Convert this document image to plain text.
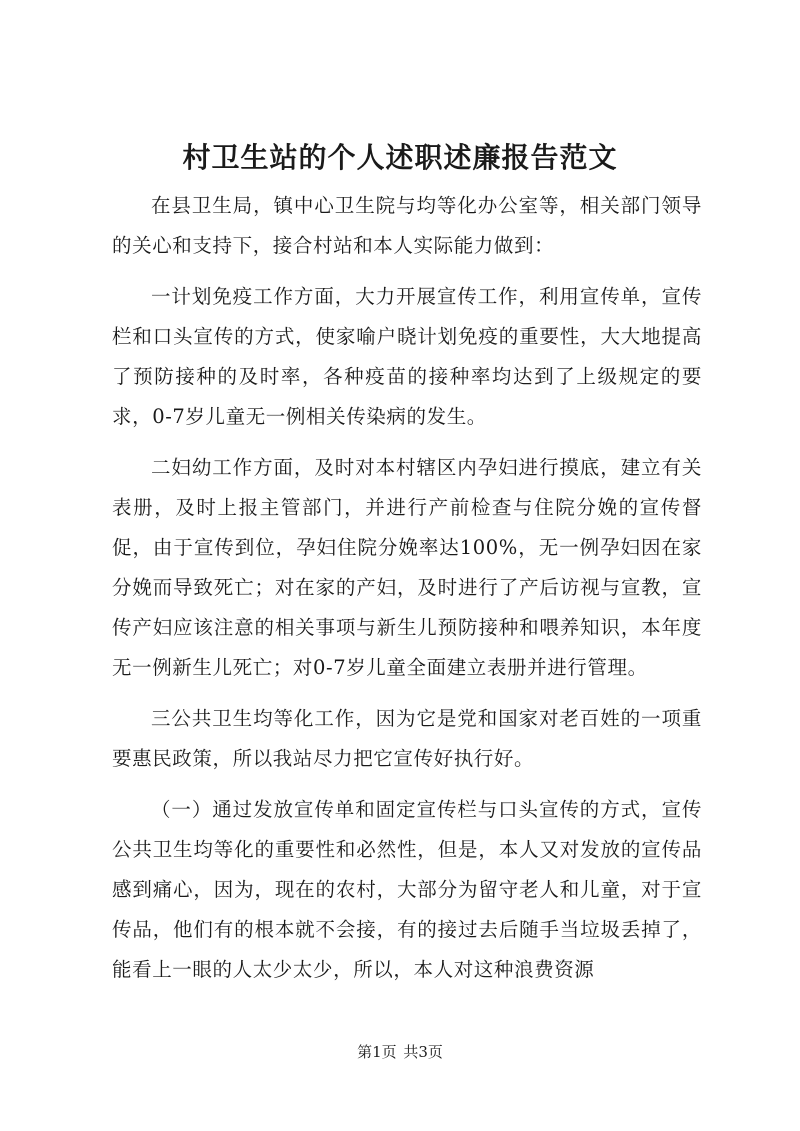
村卫生站的个人述职述廉报告范文

在县卫生局，镇中心卫生院与均等化办公室等，相关部门领导的关心和支持下，接合村站和本人实际能力做到：

一计划免疫工作方面，大力开展宣传工作，利用宣传单，宣传栏和口头宣传的方式，使家喻户晓计划免疫的重要性，大大地提高了预防接种的及时率，各种疫苗的接种率均达到了上级规定的要求，0-7岁儿童无一例相关传染病的发生。

二妇幼工作方面，及时对本村辖区内孕妇进行摸底，建立有关表册，及时上报主管部门，并进行产前检查与住院分娩的宣传督促，由于宣传到位，孕妇住院分娩率达100%，无一例孕妇因在家分娩而导致死亡；对在家的产妇，及时进行了产后访视与宣教，宣传产妇应该注意的相关事项与新生儿预防接种和喂养知识，本年度无一例新生儿死亡；对0-7岁儿童全面建立表册并进行管理。

三公共卫生均等化工作，因为它是党和国家对老百姓的一项重要惠民政策，所以我站尽力把它宣传好执行好。

（一）通过发放宣传单和固定宣传栏与口头宣传的方式，宣传公共卫生均等化的重要性和必然性，但是，本人又对发放的宣传品感到痛心，因为，现在的农村，大部分为留守老人和儿童，对于宣传品，他们有的根本就不会接，有的接过去后随手当垃圾丢掉了，能看上一眼的人太少太少，所以，本人对这种浪费资源

第1页 共3页
